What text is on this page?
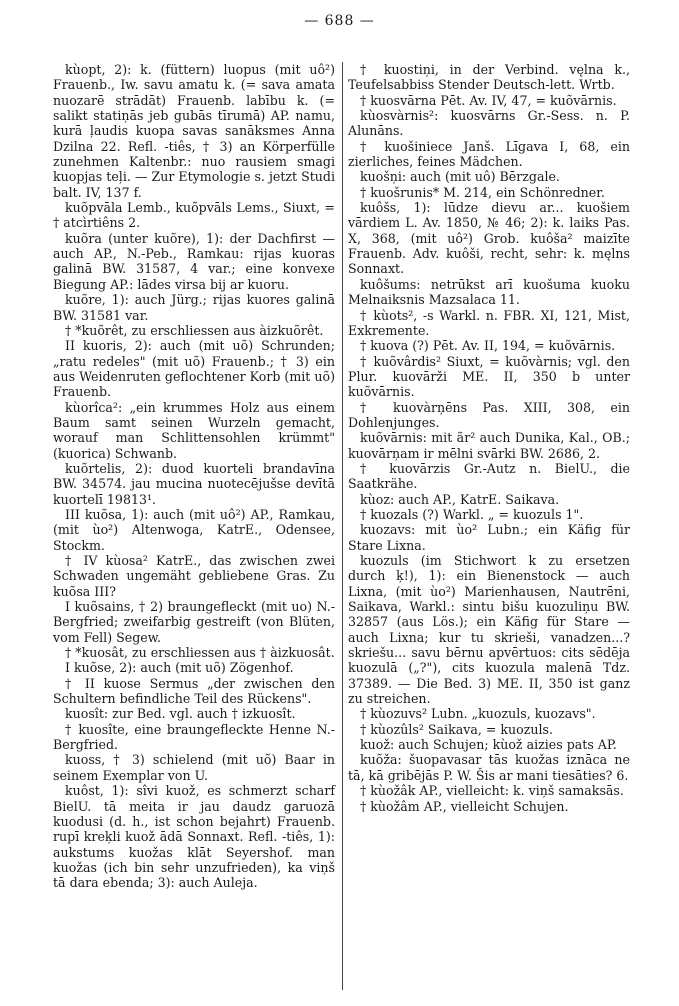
— 688 —

kùopt, 2): k. (füttern) luopus (mit uô²) Frauenb., Iw. savu amatu k. (= sava amata nuozarē strādāt) Frauenb. labību k. (= salikt statiņās jeb gubās tīrumā) AP. namu, kurā ļaudis kuopa savas sanāksmes Anna Dzilna 22. Refl. -tiês, † 3) an Körperfülle zunehmen Kaltenbr.: nuo rausiem smagi kuopjas teļi. — Zur Etymologie s. jetzt Studi balt. IV, 137 f.

kuõpvāla Lemb., kuõpvāls Lems., Siuxt, = † atcìrtiêns 2.

kuõra (unter kuõre), 1): der Dachfirst — auch AP., N.-Peb., Ramkau: rijas kuoras galinā BW. 31587, 4 var.; eine konvexe Biegung AP.: lādes virsa bij ar kuoru.

kuõre, 1): auch Jürg.; rijas kuores galinā BW. 31581 var.

† *kuõrêt, zu erschliessen aus àizkuõrêt.

II kuoris, 2): auch (mit uõ) Schrunden; „ratu redeles" (mit uõ) Frauenb.; † 3) ein aus Weidenruten geflochtener Korb (mit uõ) Frauenb.

kùorîca²: „ein krummes Holz aus einem Baum samt seinen Wurzeln gemacht, worauf man Schlittensohlen krümmt" (kuorica) Schwanb.

kuõrtelis, 2): duod kuorteli brandavīna BW. 34574. jau mucina nuotecējušse devītā kuortelī 19813¹.

III kuõsa, 1): auch (mit uô²) AP., Ramkau, (mit ùo²) Altenwoga, KatrE., Odensee, Stockm.

† IV kùosa² KatrE., das zwischen zwei Schwaden ungemäht gebliebene Gras. Zu kuõsa III?

I kuõsains, † 2) braungefleckt (mit uo) N.-Bergfried; zweifarbig gestreift (von Blüten, vom Fell) Segew.

† *kuosât, zu erschliessen aus † àizkuosât.

I kuõse, 2): auch (mit uõ) Zögenhof.

† II kuose Sermus „der zwischen den Schultern befindliche Teil des Rückens".

kuosît: zur Bed. vgl. auch † izkuosît.

† kuosîte, eine braungefleckte Henne N.-Bergfried.

kuoss, † 3) schielend (mit uõ) Baar in seinem Exemplar von U.

kuôst, 1): sîvi kuož, es schmerzt scharf BielU. tā meita ir jau daudz garuozā kuodusi (d. h., ist schon bejahrt) Frauenb. rupī kreķli kuož ādā Sonnaxt. Refl. -tiês, 1): aukstums kuožas klāt Seyershof. man kuožas (ich bin sehr unzufrieden), ka viņš tā dara ebenda; 3): auch Auleja.

† kuostiņi, in der Verbind. vęlna k., Teufelsabbiss Stender Deutsch-lett. Wrtb.

† kuosvārna Pēt. Av. IV, 47, = kuõvārnis.

kùosvàrnis²: kuosvārns Gr.-Sess. n. P. Alunāns.

† kuošiniece Janš. Līgava I, 68, ein zierliches, feines Mädchen.

kuošņi: auch (mit uô) Bērzgale.

† kuošrunis* M. 214, ein Schönredner.

kuôšs, 1): lūdze dievu ar... kuošiem vārdiem L. Av. 1850, № 46; 2): k. laiks Pas. X, 368, (mit uô²) Grob. kuôša² maizīte Frauenb. Adv. kuôši, recht, sehr: k. męlns Sonnaxt.

kuôšums: netrūkst arī kuošuma kuoku Melnaiksnis Mazsalaca 11.

† kùots², -s Warkl. n. FBR. XI, 121, Mist, Exkremente.

† kuova (?) Pēt. Av. II, 194, = kuõvārnis.

† kuõvârdis² Siuxt, = kuõvàrnis; vgl. den Plur. kuovārži ME. II, 350 b unter kuõvārnis.

† kuovàrņēns Pas. XIII, 308, ein Dohlenjunges.

kuõvārnis: mit ãr² auch Dunika, Kal., OB.; kuovārņam ir mēlni svārki BW. 2686, 2.

† kuovārzis Gr.-Autz n. BielU., die Saatkrähe.

kùoz: auch AP., KatrE. Saikava.

† kuozals (?) Warkl. „ = kuozuls 1".

kuozavs: mit ùo² Lubn.; ein Käfig für Stare Lixna.

kuozuls (im Stichwort k zu ersetzen durch ķ!), 1): ein Bienenstock — auch Lixna, (mit ùo²) Marienhausen, Nautrēni, Saikava, Warkl.: sintu bišu kuozuliņu BW. 32857 (aus Lös.); ein Käfig für Stare — auch Lixna; kur tu skrieši, vanadzen...? skriešu... savu bērnu apvērtuos: cits sēdēja kuozulā („?"), cits kuozula malenā Tdz. 37389. — Die Bed. 3) ME. II, 350 ist ganz zu streichen.

† kùozuvs² Lubn. „kuozuls, kuozavs".

† kùozûls² Saikava, = kuozuls.

kuož: auch Schujen; kùož aizies pats AP.

kuõža: šuopavasar tās kuožas iznāca ne tā, kā gribējās P. W. Šis ar mani tiesāties? 6.

† kùožâk AP., vielleicht: k. viņš samaksās.

† kùožâm AP., vielleicht Schujen.
